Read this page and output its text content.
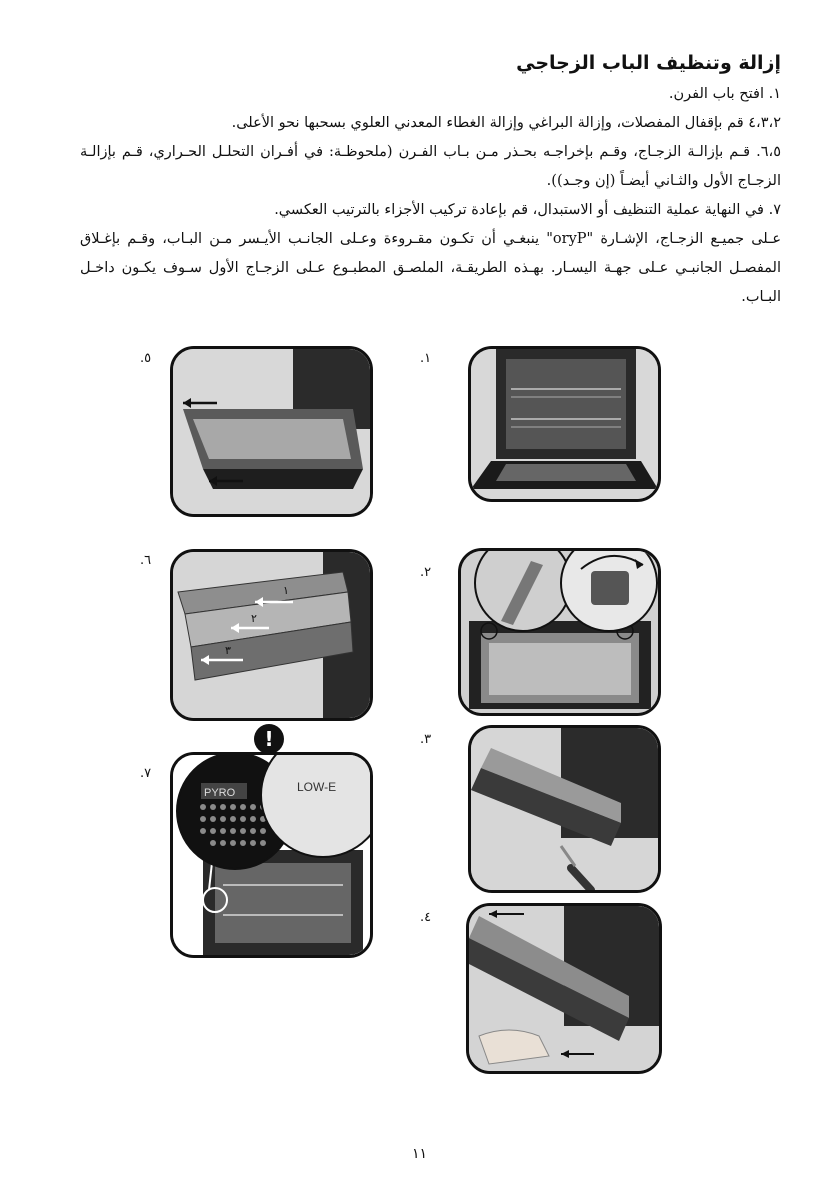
إزالة وتنظيف الباب الزجاجي

١. افتح باب الفرن.

٤،٣،٢ قم بإقفال المفصلات، وإزالة البراغي وإزالة الغطاء المعدني العلوي بسحبها نحو الأعلى.

٦،٥. قـم بإزالـة الزجـاج، وقـم بإخراجـه بحـذر مـن بـاب الفـرن (ملحوظـة: في أفـران التحلـل الحـراري، قـم بإزالـة الزجـاج الأول والثـاني أيضـاً (إن وجـد)).

٧. في النهاية عملية التنظيف أو الاستبدال، قم بإعادة تركيب الأجزاء بالترتيب العكسي.

عـلى جميـع الزجـاج، الإشـارة "oryP" ينبغـي أن تكـون مقـروءة وعـلى الجانـب الأيـسر مـن البـاب، وقـم بإغـلاق المفصـل الجانبـي عـلى جهـة اليسـار. بهـذه الطريقـة، الملصـق المطبـوع عـلى الزجـاج الأول سـوف يكـون داخـل البـاب.

١.
٢.
٣.
٤.
٥.
٦.
٧.
١
٢
٣
PYRO	LOW-E
!
١١
